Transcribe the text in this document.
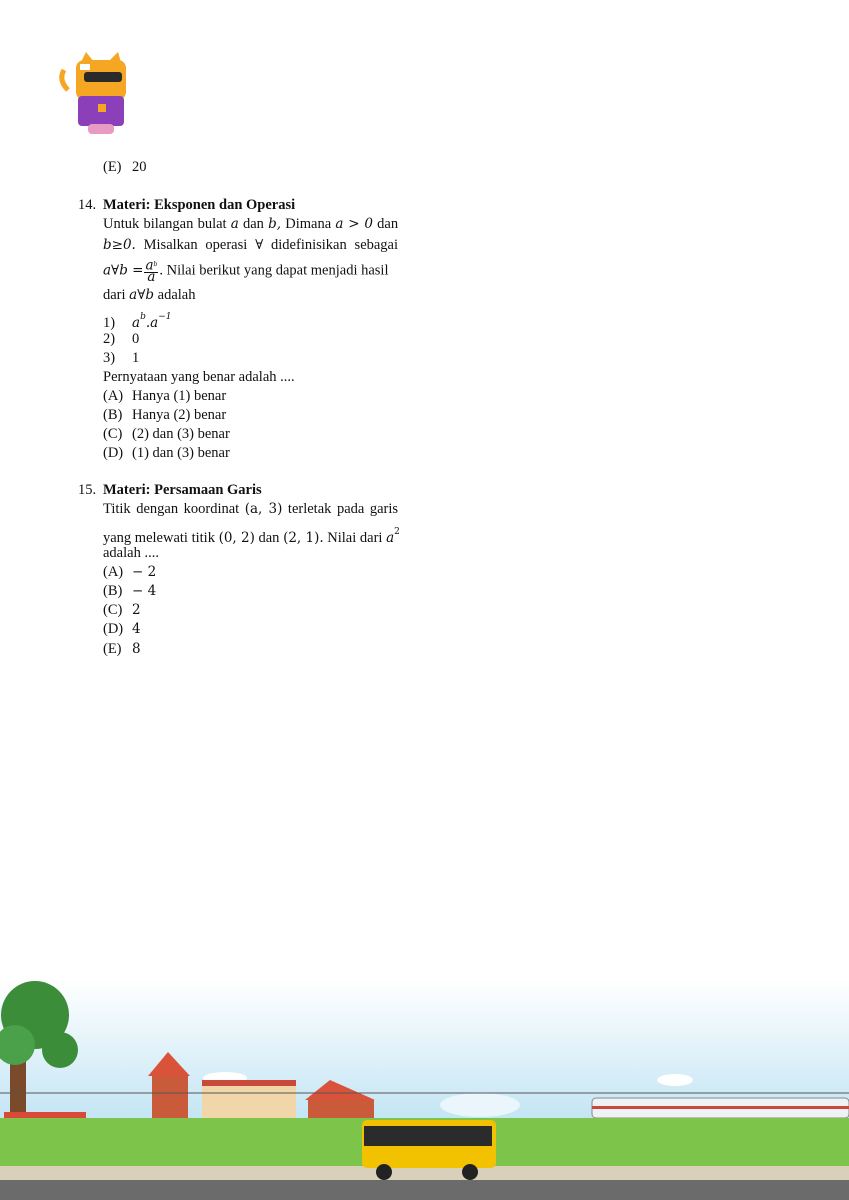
(E) 20
14. Materi: Eksponen dan Operasi
Untuk bilangan bulat a dan b, Dimana a > 0 dan
b≥0. Misalkan operasi ∀ didefinisikan sebagai
a∀b = $a^b$
a . Nilai berikut yang dapat menjadi hasil
dari a∀b adalah
1) $a^b.a^{-1}$
2) 0
3) 1
Pernyataan yang benar adalah ....
(A) Hanya (1) benar
(B) Hanya (2) benar
(C) (2) dan (3) benar
(D) (1) dan (3) benar
15. Materi: Persamaan Garis
Titik dengan koordinat (a, 3) terletak pada garis
yang melewati titik (0, 2) dan (2, 1). Nilai dari $a^2$
adalah ....
(A) − 2
(B) − 4
(C) 2
(D) 4
(E) 8
